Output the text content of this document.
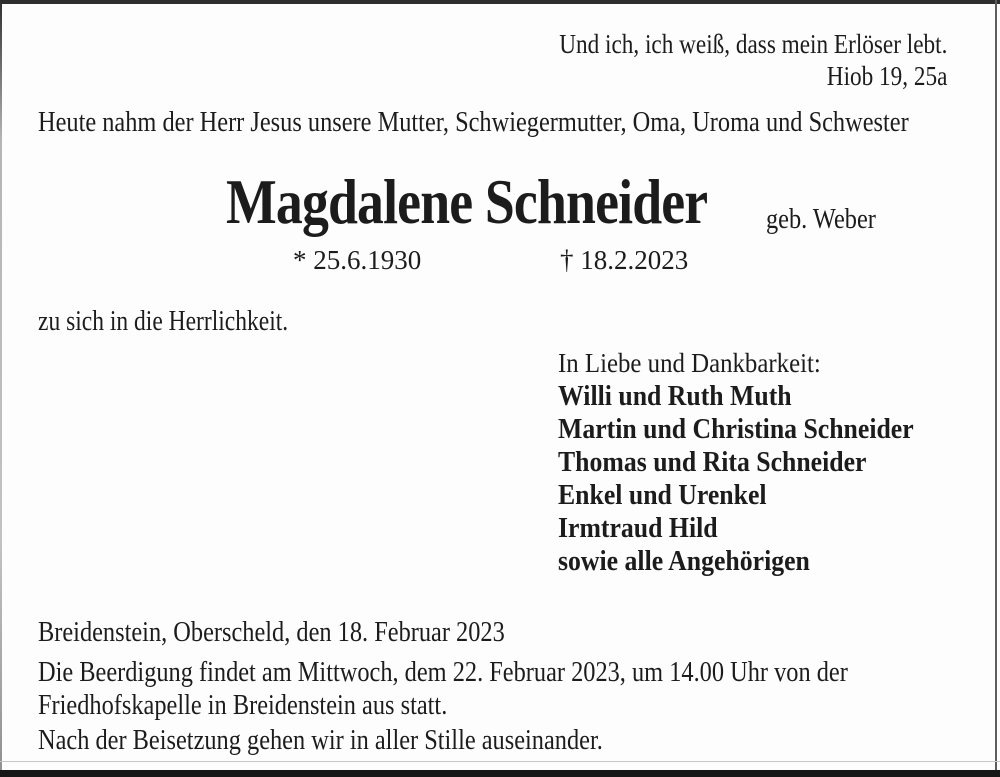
Und ich, ich weiß, dass mein Erlöser lebt.
Hiob 19, 25a
Heute nahm der Herr Jesus unsere Mutter, Schwiegermutter, Oma, Uroma und Schwester
Magdalene Schneider geb. Weber
* 25.6.1930	† 18.2.2023
zu sich in die Herrlichkeit.
In Liebe und Dankbarkeit:
Willi und Ruth Muth
Martin und Christina Schneider
Thomas und Rita Schneider
Enkel und Urenkel
Irmtraud Hild
sowie alle Angehörigen
Breidenstein, Oberscheld, den 18. Februar 2023
Die Beerdigung findet am Mittwoch, dem 22. Februar 2023, um 14.00 Uhr von der
Friedhofskapelle in Breidenstein aus statt.
Nach der Beisetzung gehen wir in aller Stille auseinander.
